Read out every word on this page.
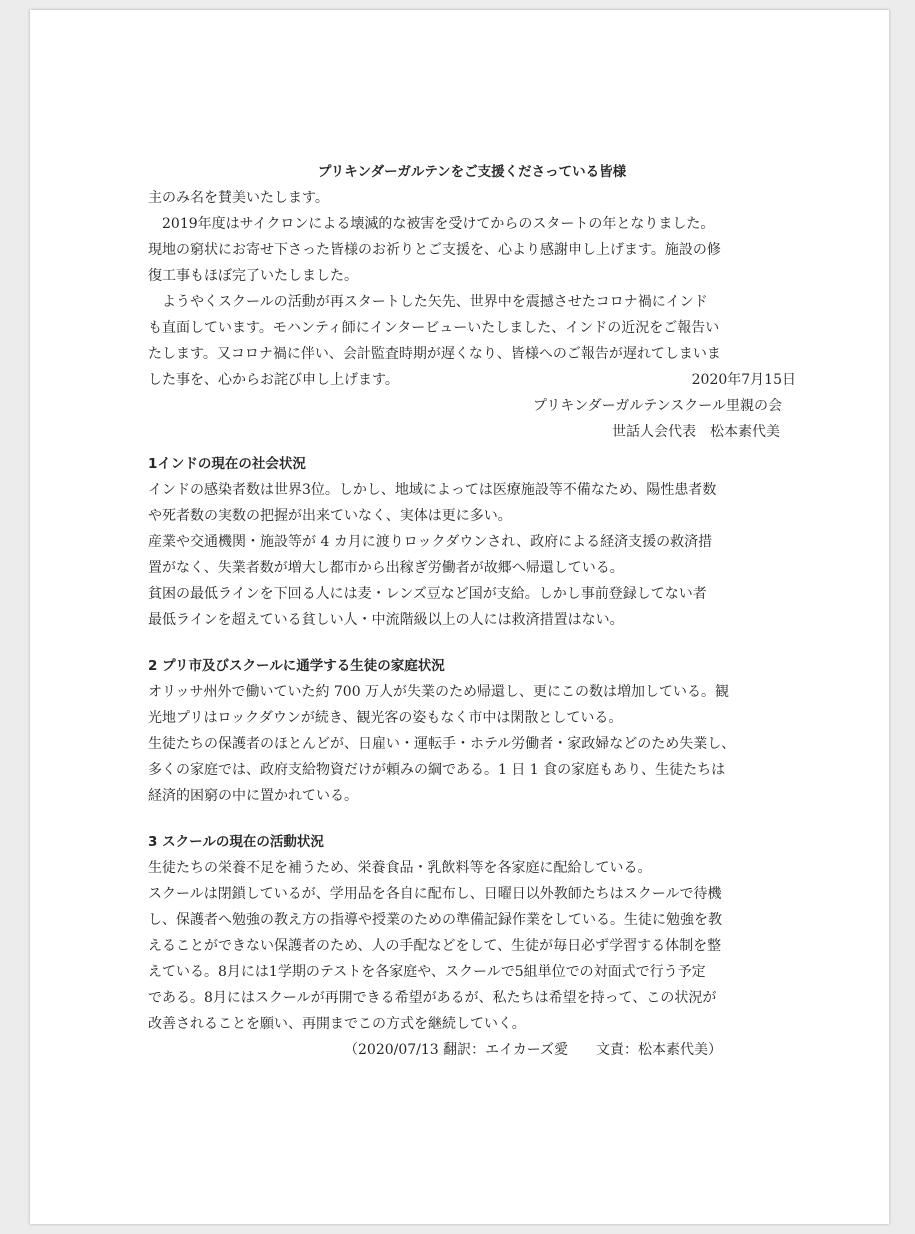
プリキンダーガルテンをご支援くださっている皆様
主のみ名を賛美いたします。
2019年度はサイクロンによる壊滅的な被害を受けてからのスタートの年となりました。
現地の窮状にお寄せ下さった皆様のお祈りとご支援を、心より感謝申し上げます。施設の修
復工事もほぼ完了いたしました。
ようやくスクールの活動が再スタートした矢先、世界中を震撼させたコロナ禍にインド
も直面しています。モハンティ師にインタービューいたしました、インドの近況をご報告い
たします。又コロナ禍に伴い、会計監査時期が遅くなり、皆様へのご報告が遅れてしまいま
した事を、心からお詫び申し上げます。	2020年7月15日
プリキンダーガルテンスクール里親の会
世話人会代表　松本素代美
1インドの現在の社会状況
インドの感染者数は世界3位。しかし、地域によっては医療施設等不備なため、陽性患者数
や死者数の実数の把握が出来ていなく、実体は更に多い。
産業や交通機関・施設等が 4 カ月に渡りロックダウンされ、政府による経済支援の救済措
置がなく、失業者数が増大し都市から出稼ぎ労働者が故郷へ帰還している。
貧困の最低ラインを下回る人には麦・レンズ豆など国が支給。しかし事前登録してない者
最低ラインを超えている貧しい人・中流階級以上の人には救済措置はない。
2 プリ市及びスクールに通学する生徒の家庭状況
オリッサ州外で働いていた約 700 万人が失業のため帰還し、更にこの数は増加している。観
光地プリはロックダウンが続き、観光客の姿もなく市中は閑散としている。
生徒たちの保護者のほとんどが、日雇い・運転手・ホテル労働者・家政婦などのため失業し、
多くの家庭では、政府支給物資だけが頼みの綱である。1 日 1 食の家庭もあり、生徒たちは
経済的困窮の中に置かれている。
3 スクールの現在の活動状況
生徒たちの栄養不足を補うため、栄養食品・乳飲料等を各家庭に配給している。
スクールは閉鎖しているが、学用品を各自に配布し、日曜日以外教師たちはスクールで待機
し、保護者へ勉強の教え方の指導や授業のための準備記録作業をしている。生徒に勉強を教
えることができない保護者のため、人の手配などをして、生徒が毎日必ず学習する体制を整
えている。8月には1学期のテストを各家庭や、スクールで5組単位での対面式で行う予定
である。8月にはスクールが再開できる希望があるが、私たちは希望を持って、この状況が
改善されることを願い、再開までこの方式を継続していく。
（2020/07/13 翻訳：エイカーズ愛　　文責：松本素代美）
